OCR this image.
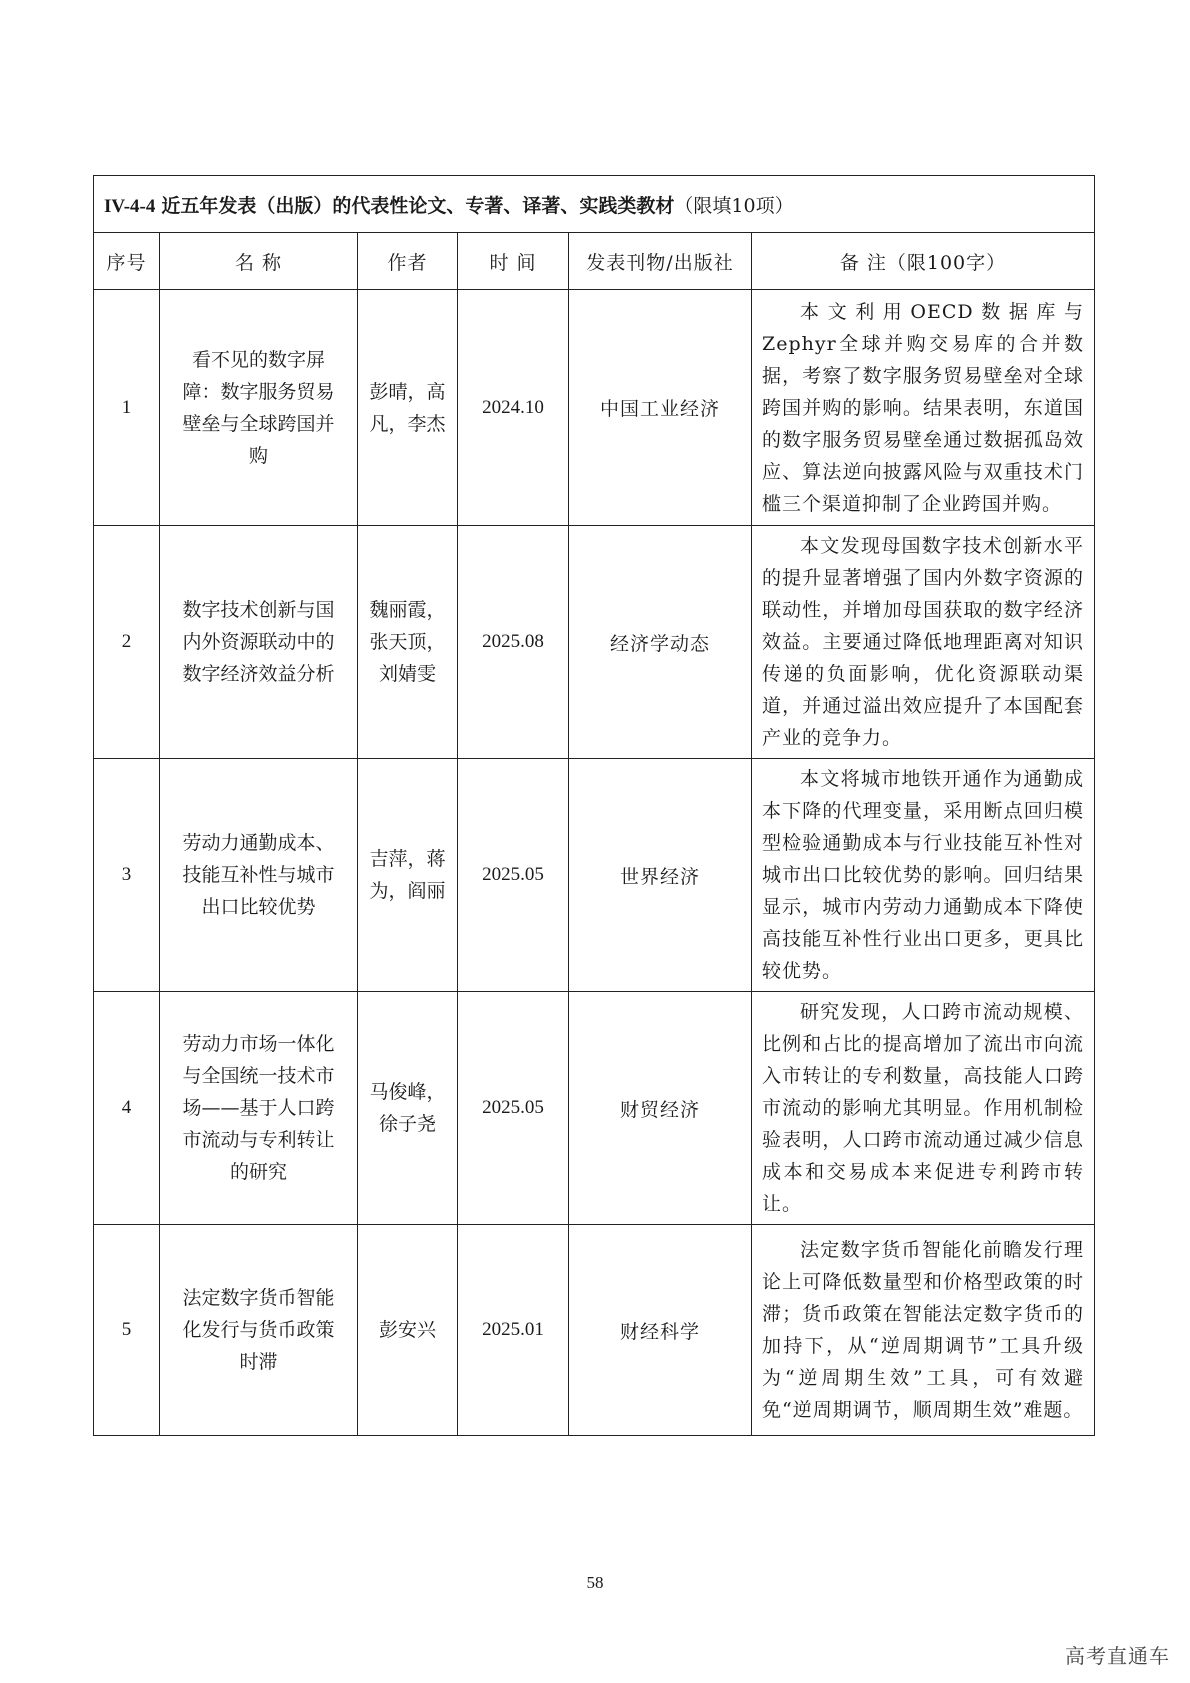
IV-4-4 近五年发表（出版）的代表性论文、专著、译著、实践类教材（限填10项）					
序号	名 称	作者	时 间	发表刊物/出版社	备 注（限100字）
1	看不见的数字屏障：数字服务贸易壁垒与全球跨国并购	彭晴，高凡，李杰	2024.10	中国工业经济	本文利用OECD数据库与Zephyr全球并购交易库的合并数据，考察了数字服务贸易壁垒对全球跨国并购的影响。结果表明，东道国的数字服务贸易壁垒通过数据孤岛效应、算法逆向披露风险与双重技术门槛三个渠道抑制了企业跨国并购。
2	数字技术创新与国内外资源联动中的数字经济效益分析	魏丽霞，张天顶，刘婧雯	2025.08	经济学动态	本文发现母国数字技术创新水平的提升显著增强了国内外数字资源的联动性，并增加母国获取的数字经济效益。主要通过降低地理距离对知识传递的负面影响，优化资源联动渠道，并通过溢出效应提升了本国配套产业的竞争力。
3	劳动力通勤成本、技能互补性与城市出口比较优势	吉萍，蒋为，阎丽	2025.05	世界经济	本文将城市地铁开通作为通勤成本下降的代理变量，采用断点回归模型检验通勤成本与行业技能互补性对城市出口比较优势的影响。回归结果显示，城市内劳动力通勤成本下降使高技能互补性行业出口更多，更具比较优势。
4	劳动力市场一体化与全国统一技术市场——基于人口跨市流动与专利转让的研究	马俊峰，徐子尧	2025.05	财贸经济	研究发现，人口跨市流动规模、比例和占比的提高增加了流出市向流入市转让的专利数量，高技能人口跨市流动的影响尤其明显。作用机制检验表明，人口跨市流动通过减少信息成本和交易成本来促进专利跨市转让。
5	法定数字货币智能化发行与货币政策时滞	彭安兴	2025.01	财经科学	法定数字货币智能化前瞻发行理论上可降低数量型和价格型政策的时滞；货币政策在智能法定数字货币的加持下，从“逆周期调节”工具升级为“逆周期生效”工具，可有效避免“逆周期调节，顺周期生效”难题。
58
高考直通车
